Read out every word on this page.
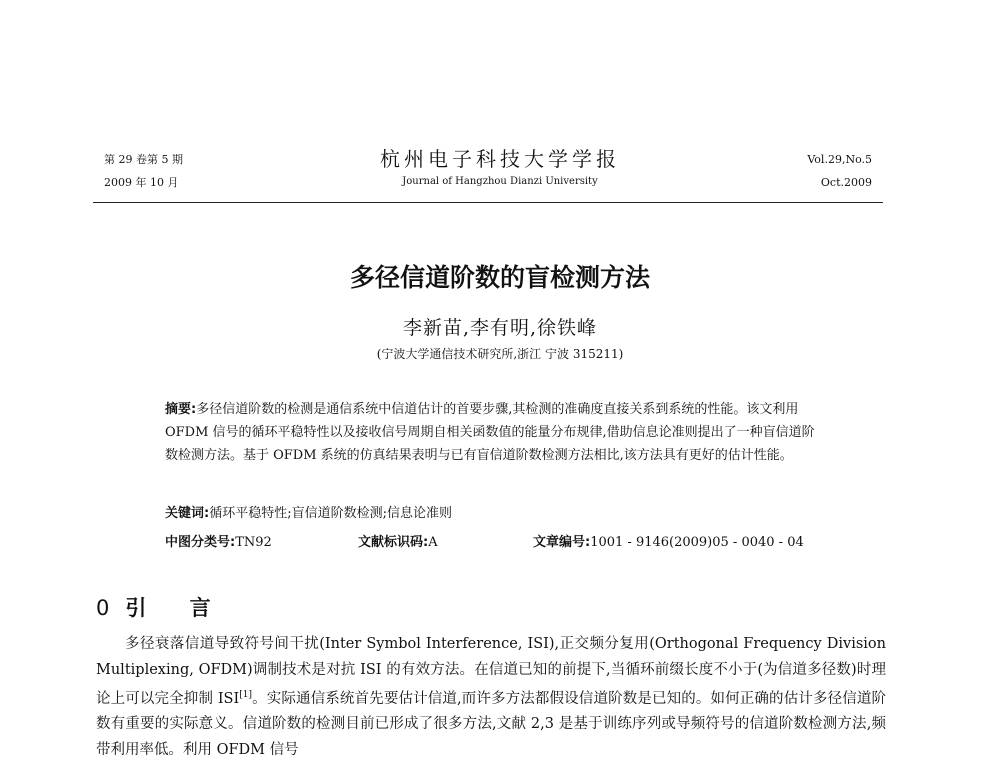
第 29 卷第 5 期
2009 年 10 月
杭州电子科技大学学报
Journal of Hangzhou Dianzi University
Vol.29,No.5
Oct.2009
多径信道阶数的盲检测方法
李新苗,李有明,徐铁峰
(宁波大学通信技术研究所,浙江 宁波 315211)
摘要:多径信道阶数的检测是通信系统中信道估计的首要步骤,其检测的准确度直接关系到系统的性能。该文利用 OFDM 信号的循环平稳特性以及接收信号周期自相关函数值的能量分布规律,借助信息论准则提出了一种盲信道阶数检测方法。基于 OFDM 系统的仿真结果表明与已有盲信道阶数检测方法相比,该方法具有更好的估计性能。
关键词:循环平稳特性;盲信道阶数检测;信息论准则
中图分类号:TN92	文献标识码:A	文章编号:1001 - 9146(2009)05 - 0040 - 04
0 引 言

多径衰落信道导致符号间干扰(Inter Symbol Interference, ISI),正交频分复用(Orthogonal Frequency Division Multiplexing, OFDM)调制技术是对抗 ISI 的有效方法。在信道已知的前提下,当循环前缀长度不小于(为信道多径数)时理论上可以完全抑制 ISI[1]。实际通信系统首先要估计信道,而许多方法都假设信道阶数是已知的。如何正确的估计多径信道阶数有重要的实际意义。信道阶数的检测目前已形成了很多方法,文献 2,3 是基于训练序列或导频符号的信道阶数检测方法,频带利用率低。利用 OFDM 信号
